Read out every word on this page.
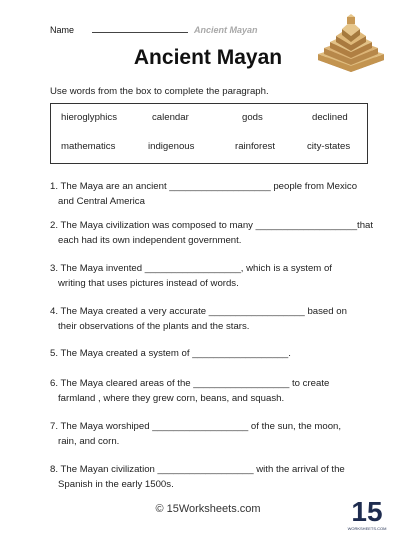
Name	Ancient Mayan
Ancient Mayan
Use words from the box to complete the paragraph.
hieroglyphics	calendar	gods	declined
mathematics	indigenous	rainforest	city-states
1. The Maya are an ancient ___________________ people from Mexico
and Central America
2. The Maya civilization was composed to many ___________________that
each had its own independent government.
3. The Maya invented __________________, which is a system of
writing that uses pictures instead of words.
4. The Maya created a very accurate __________________ based on
their observations of the plants and the stars.
5. The Maya created a system of __________________.
6. The Maya cleared areas of the __________________ to create
farmland , where they grew corn, beans, and squash.
7. The Maya worshiped __________________ of the sun, the moon,
rain, and corn.
8. The Mayan civilization __________________ with the arrival of the
Spanish in the early 1500s.
© 15Worksheets.com	15
WORKSHEETS.COM
